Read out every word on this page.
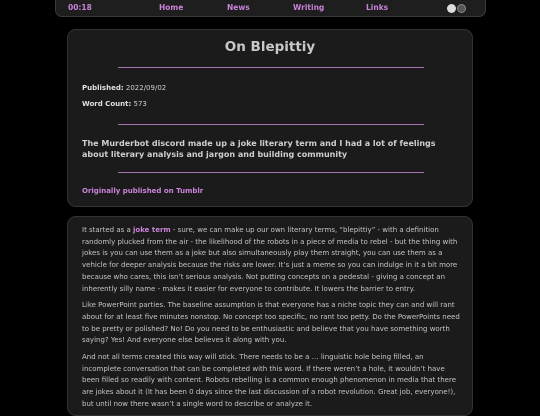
00:18	Home	News	Writing	Links
On Blepittiy
Published: 2022/09/02
Word Count: 573
The Murderbot discord made up a joke literary term and I had a lot of feelings about literary analysis and jargon and building community
Originally published on Tumblr

It started as a joke term - sure, we can make up our own literary terms, “blepittiy” - with a definition randomly plucked from the air - the likelihood of the robots in a piece of media to rebel - but the thing with jokes is you can use them as a joke but also simultaneously play them straight, you can use them as a vehicle for deeper analysis because the risks are lower. It’s just a meme so you can indulge in it a bit more because who cares, this isn’t serious analysis. Not putting concepts on a pedestal - giving a concept an inherently silly name - makes it easier for everyone to contribute. It lowers the barrier to entry.

Like PowerPoint parties. The baseline assumption is that everyone has a niche topic they can and will rant about for at least five minutes nonstop. No concept too specific, no rant too petty. Do the PowerPoints need to be pretty or polished? No! Do you need to be enthusiastic and believe that you have something worth saying? Yes! And everyone else believes it along with you.

And not all terms created this way will stick. There needs to be a … linguistic hole being filled, an incomplete conversation that can be completed with this word. If there weren’t a hole, it wouldn’t have been filled so readily with content. Robots rebelling is a common enough phenomenon in media that there are jokes about it (It has been 0 days since the last discussion of a robot revolution. Great job, everyone!), but until now there wasn’t a single word to describe or analyze it.
